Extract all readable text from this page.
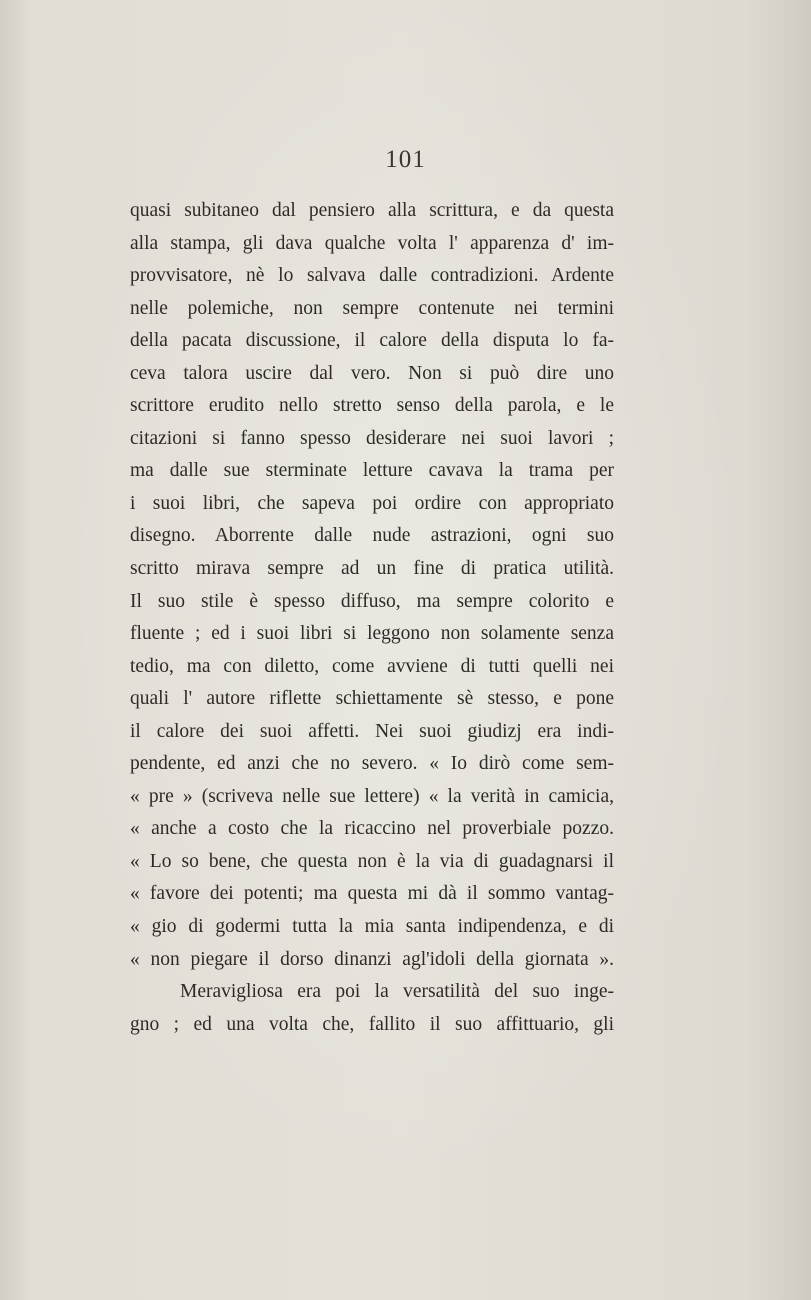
101
quasi subitaneo dal pensiero alla scrittura, e da questa
alla stampa, gli dava qualche volta l' apparenza d' im-
provvisatore, nè lo salvava dalle contradizioni. Ardente
nelle polemiche, non sempre contenute nei termini
della pacata discussione, il calore della disputa lo fa-
ceva talora uscire dal vero. Non si può dire uno
scrittore erudito nello stretto senso della parola, e le
citazioni si fanno spesso desiderare nei suoi lavori ;
ma dalle sue sterminate letture cavava la trama per
i suoi libri, che sapeva poi ordire con appropriato
disegno. Aborrente dalle nude astrazioni, ogni suo
scritto mirava sempre ad un fine di pratica utilità.
Il suo stile è spesso diffuso, ma sempre colorito e
fluente ; ed i suoi libri si leggono non solamente senza
tedio, ma con diletto, come avviene di tutti quelli nei
quali l' autore riflette schiettamente sè stesso, e pone
il calore dei suoi affetti. Nei suoi giudizj era indi-
pendente, ed anzi che no severo. « Io dirò come sem-
« pre » (scriveva nelle sue lettere) « la verità in camicia,
« anche a costo che la ricaccino nel proverbiale pozzo.
« Lo so bene, che questa non è la via di guadagnarsi il
« favore dei potenti; ma questa mi dà il sommo vantag-
« gio di godermi tutta la mia santa indipendenza, e di
« non piegare il dorso dinanzi agl'idoli della giornata ».
Meravigliosa era poi la versatilità del suo inge-
gno ; ed una volta che, fallito il suo affittuario, gli
